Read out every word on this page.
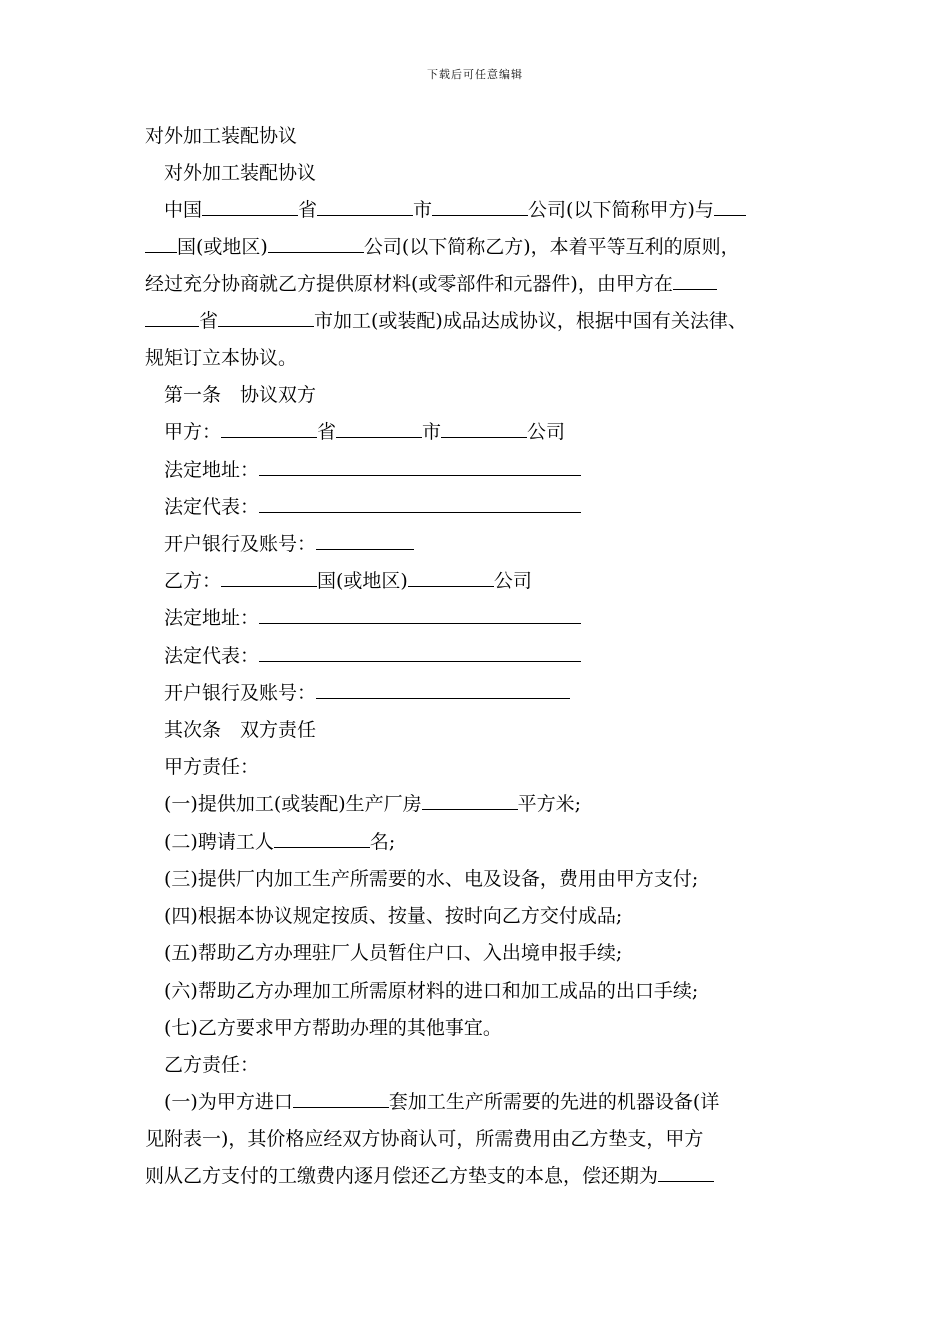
下载后可任意编辑
对外加工装配协议
对外加工装配协议
中国	省	市	公司(以下简称甲方)与
国(或地区)	公司(以下简称乙方)，本着平等互利的原则，
经过充分协商就乙方提供原材料(或零部件和元器件)，由甲方在
省	市加工(或装配)成品达成协议，根据中国有关法律、
规矩订立本协议。
第一条　协议双方
甲方：	省	市	公司
法定地址：
法定代表：
开户银行及账号：
乙方：	国(或地区)	公司
法定地址：
法定代表：
开户银行及账号：
其次条　双方责任
甲方责任：
(一)提供加工(或装配)生产厂房	平方米;
(二)聘请工人	名;
(三)提供厂内加工生产所需要的水、电及设备，费用由甲方支付;
(四)根据本协议规定按质、按量、按时向乙方交付成品;
(五)帮助乙方办理驻厂人员暂住户口、入出境申报手续;
(六)帮助乙方办理加工所需原材料的进口和加工成品的出口手续;
(七)乙方要求甲方帮助办理的其他事宜。
乙方责任：
(一)为甲方进口	套加工生产所需要的先进的机器设备(详
见附表一)，其价格应经双方协商认可，所需费用由乙方垫支，甲方
则从乙方支付的工缴费内逐月偿还乙方垫支的本息，偿还期为
